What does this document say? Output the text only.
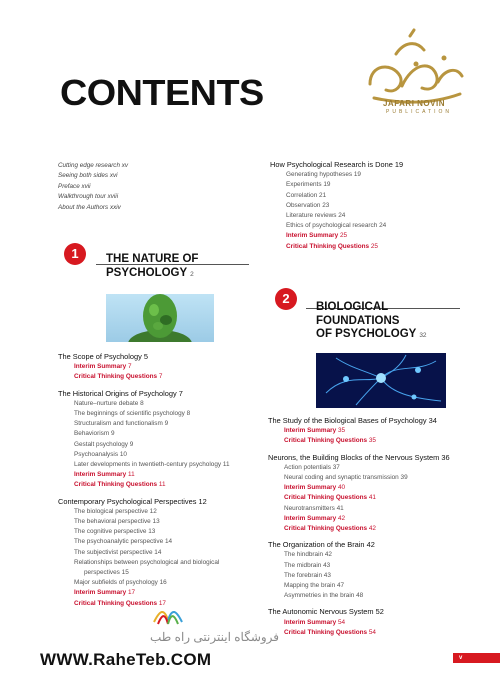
CONTENTS	JAFARI NOVIN
PUBLICATION
Cutting edge research xv
Seeing both sides xvi
Preface xvii
Walkthrough tour xviii
About the Authors xxiv
How Psychological Research is Done 19
Generating hypotheses 19
Experiments 19
Correlation 21
Observation 23
Literature reviews 24
Ethics of psychological research 24
Interim Summary 25
Critical Thinking Questions 25
1	THE NATURE OF
PSYCHOLOGY 2
The Scope of Psychology 5
Interim Summary 7
Critical Thinking Questions 7
The Historical Origins of Psychology 7
Nature–nurture debate 8
The beginnings of scientific psychology 8
Structuralism and functionalism 9
Behaviorism 9
Gestalt psychology 9
Psychoanalysis 10
Later developments in twentieth-century psychology 11
Interim Summary 11
Critical Thinking Questions 11
Contemporary Psychological Perspectives 12
The biological perspective 12
The behavioral perspective 13
The cognitive perspective 13
The psychoanalytic perspective 14
The subjectivist perspective 14
Relationships between psychological and biological
perspectives 15
Major subfields of psychology 16
Interim Summary 17
Critical Thinking Questions 17
2
BIOLOGICAL
FOUNDATIONS
OF PSYCHOLOGY 32
The Study of the Biological Bases of Psychology 34
Interim Summary 35
Critical Thinking Questions 35
Neurons, the Building Blocks of the Nervous System 36
Action potentials 37
Neural coding and synaptic transmission 39
Interim Summary 40
Critical Thinking Questions 41
Neurotransmitters 41
Interim Summary 42
Critical Thinking Questions 42
The Organization of the Brain 42
The hindbrain 42
The midbrain 43
The forebrain 43
Mapping the brain 47
Asymmetries in the brain 48
The Autonomic Nervous System 52
Interim Summary 54
Critical Thinking Questions 54
فروشگاه اینترنتی راه طب
WWW.RaheTeb.COM	v
